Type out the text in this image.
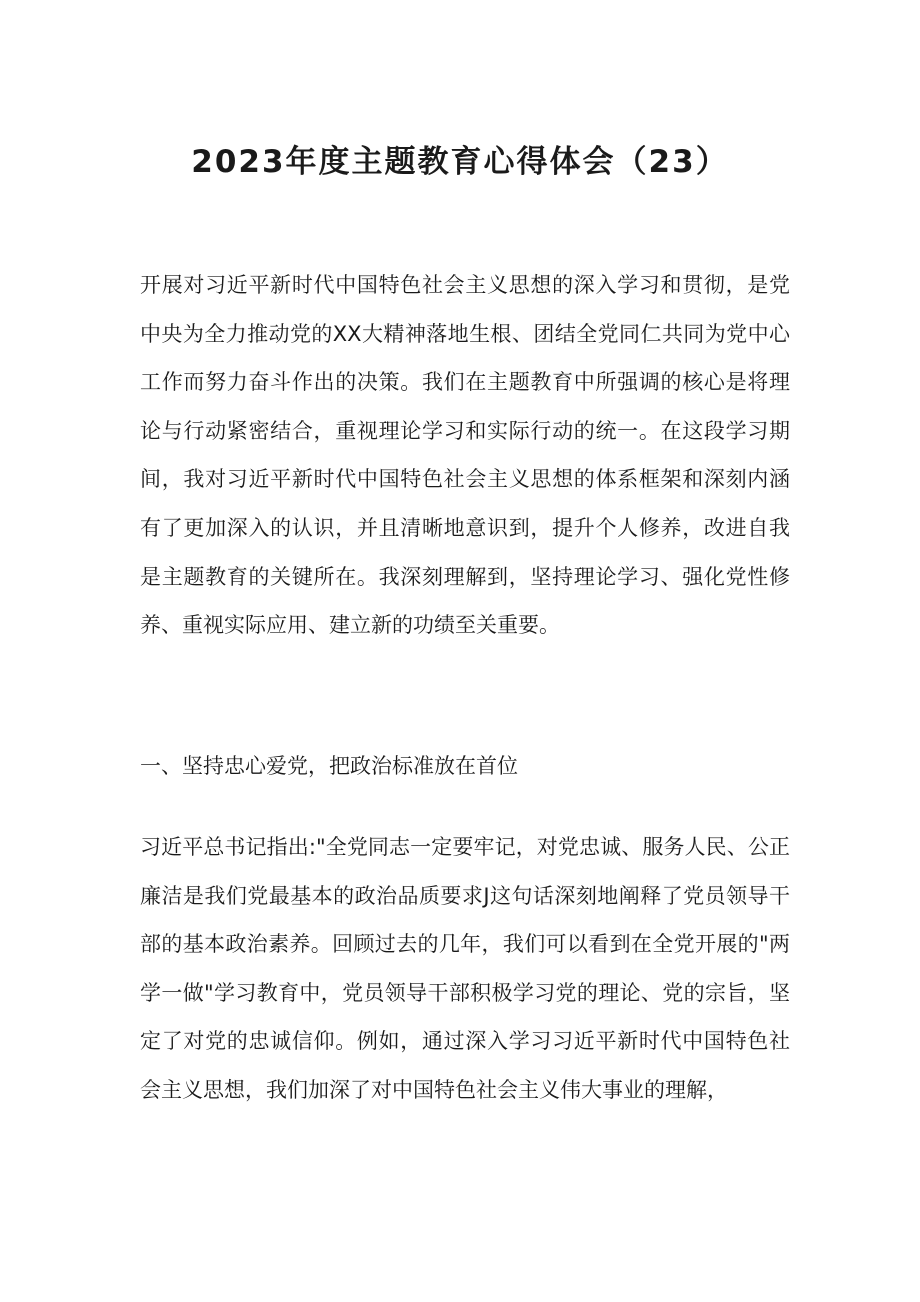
2023年度主题教育心得体会（23）

开展对习近平新时代中国特色社会主义思想的深入学习和贯彻，是党中央为全力推动党的XX大精神落地生根、团结全党同仁共同为党中心工作而努力奋斗作出的决策。我们在主题教育中所强调的核心是将理论与行动紧密结合，重视理论学习和实际行动的统一。在这段学习期间，我对习近平新时代中国特色社会主义思想的体系框架和深刻内涵有了更加深入的认识，并且清晰地意识到，提升个人修养，改进自我是主题教育的关键所在。我深刻理解到，坚持理论学习、强化党性修养、重视实际应用、建立新的功绩至关重要。

一、坚持忠心爱党，把政治标准放在首位

习近平总书记指出:"全党同志一定要牢记，对党忠诚、服务人民、公正廉洁是我们党最基本的政治品质要求J这句话深刻地阐释了党员领导干部的基本政治素养。回顾过去的几年，我们可以看到在全党开展的"两学一做"学习教育中，党员领导干部积极学习党的理论、党的宗旨，坚定了对党的忠诚信仰。例如，通过深入学习习近平新时代中国特色社会主义思想，我们加深了对中国特色社会主义伟大事业的理解，
